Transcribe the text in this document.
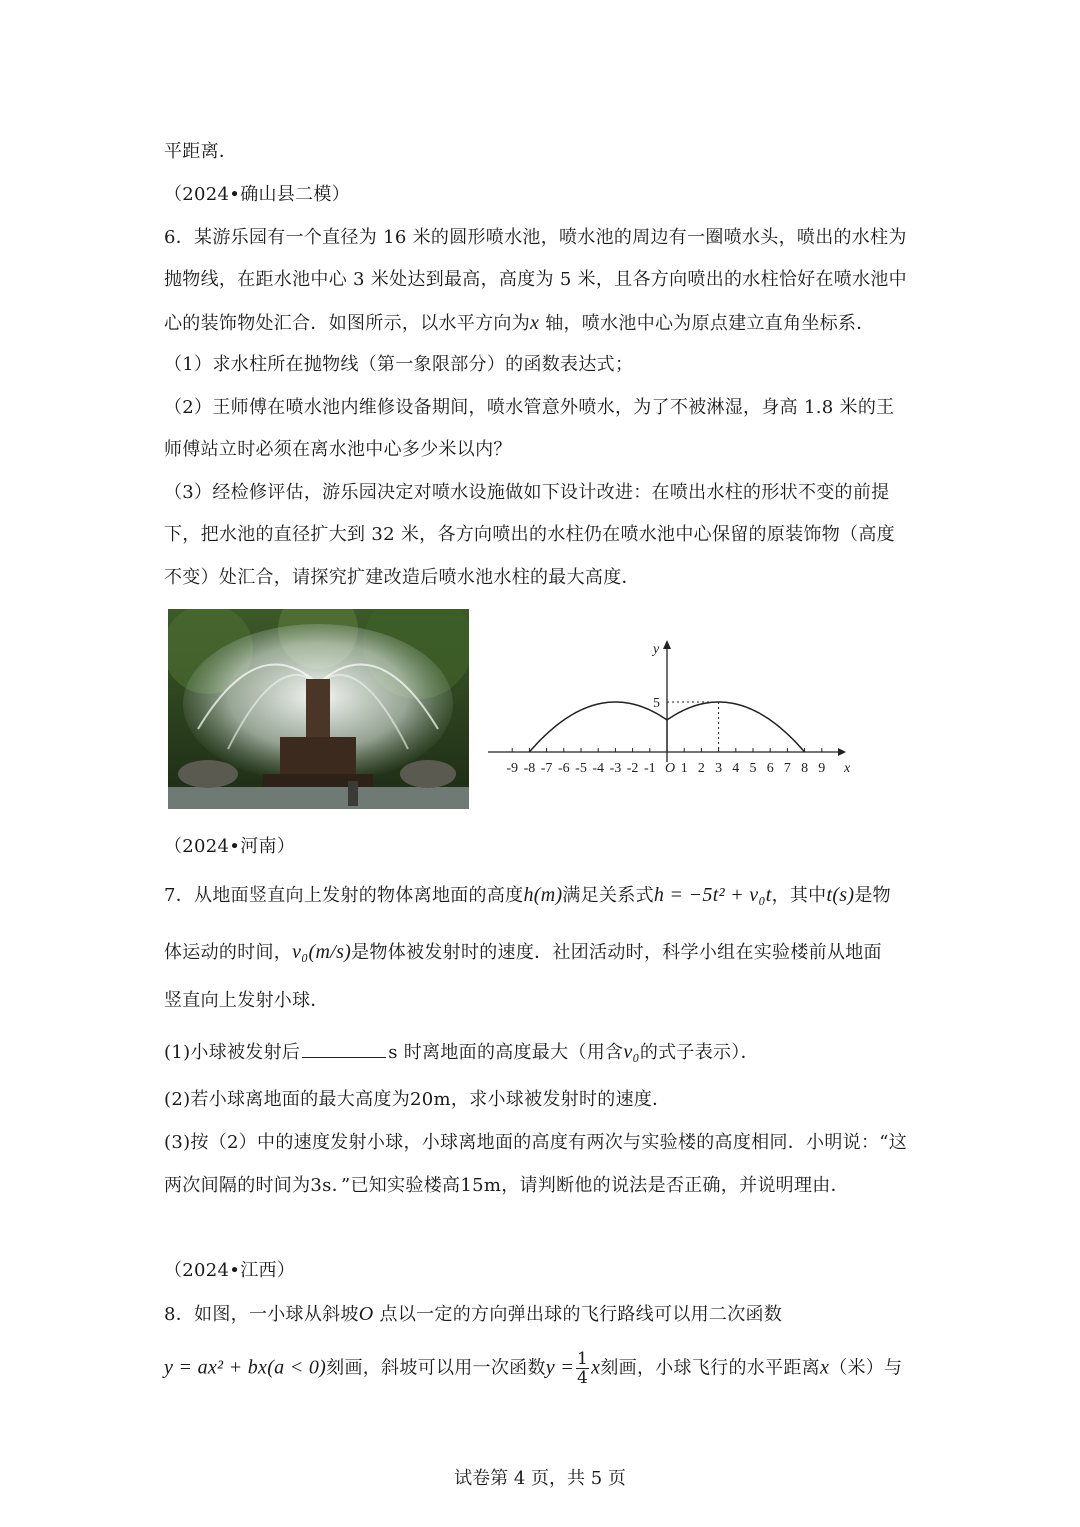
平距离．
（2024•确山县二模）
6．某游乐园有一个直径为 16 米的圆形喷水池，喷水池的周边有一圈喷水头，喷出的水柱为
抛物线，在距水池中心 3 米处达到最高，高度为 5 米，且各方向喷出的水柱恰好在喷水池中
心的装饰物处汇合．如图所示，以水平方向为x 轴，喷水池中心为原点建立直角坐标系．
（1）求水柱所在抛物线（第一象限部分）的函数表达式；
（2）王师傅在喷水池内维修设备期间，喷水管意外喷水，为了不被淋湿，身高 1.8 米的王
师傅站立时必须在离水池中心多少米以内？
（3）经检修评估，游乐园决定对喷水设施做如下设计改进：在喷出水柱的形状不变的前提
下，把水池的直径扩大到 32 米，各方向喷出的水柱仍在喷水池中心保留的原装饰物（高度
不变）处汇合，请探究扩建改造后喷水池水柱的最大高度．
-9 -8 -7 -6 -5 -4 -3 -2 -1 1 2 3 4 5 6 7 8 9
O	x
y
5
（2024•河南）
7．从地面竖直向上发射的物体离地面的高度h(m)满足关系式h = −5t² + v₀t，其中t(s)是物
体运动的时间，v₀(m/s)是物体被发射时的速度．社团活动时，科学小组在实验楼前从地面
竖直向上发射小球．
(1)小球被发射后	s 时离地面的高度最大（用含v₀的式子表示）．
(2)若小球离地面的最大高度为20m，求小球被发射时的速度．
(3)按（2）中的速度发射小球，小球离地面的高度有两次与实验楼的高度相同．小明说：“这
两次间隔的时间为3s．”已知实验楼高15m，请判断他的说法是否正确，并说明理由．
（2024•江西）
8．如图，一小球从斜坡O 点以一定的方向弹出球的飞行路线可以用二次函数
y = ax² + bx(a < 0)刻画，斜坡可以用一次函数$y = \frac{1}{4}$ x刻画，小球飞行的水平距离x（米）与
试卷第 4 页，共 5 页
